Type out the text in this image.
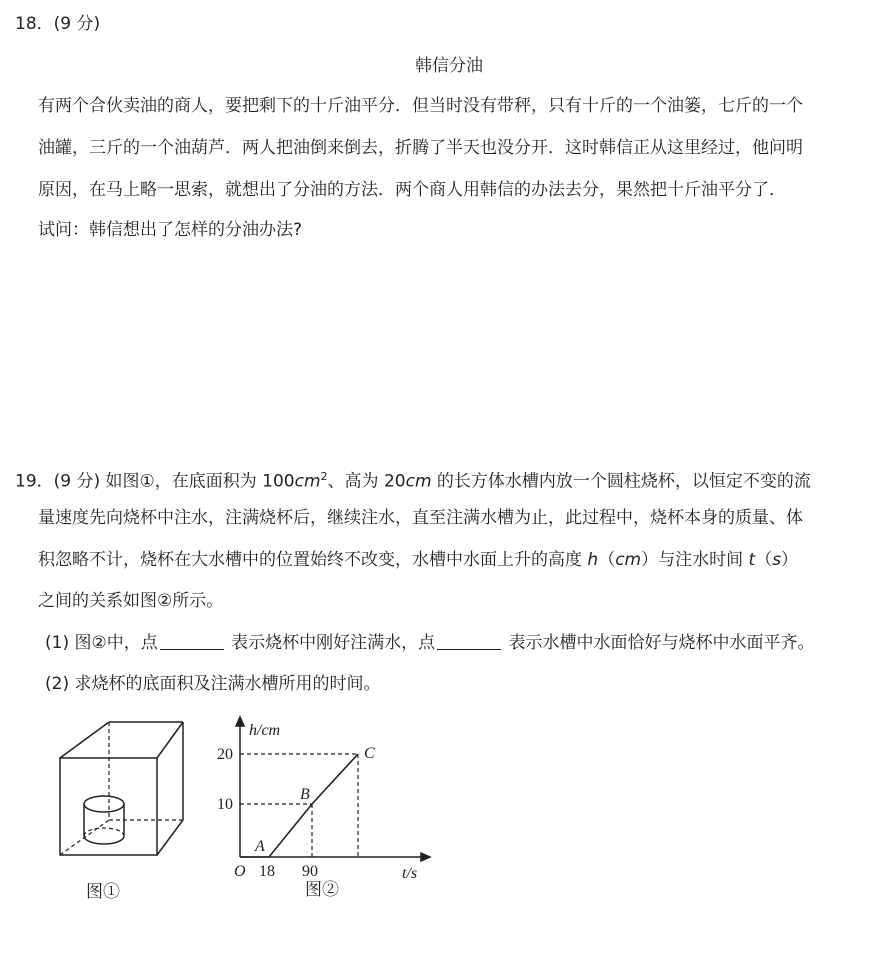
18．(9 分)
韩信分油
有两个合伙卖油的商人，要把剩下的十斤油平分．但当时没有带秤，只有十斤的一个油篓，七斤的一个
油罐，三斤的一个油葫芦．两人把油倒来倒去，折腾了半天也没分开．这时韩信正从这里经过，他问明
原因，在马上略一思索，就想出了分油的方法．两个商人用韩信的办法去分，果然把十斤油平分了．
试问：韩信想出了怎样的分油办法?
19．(9 分) 如图①，在底面积为 $100cm^2$、高为 20cm 的长方体水槽内放一个圆柱烧杯，以恒定不变的流
量速度先向烧杯中注水，注满烧杯后，继续注水，直至注满水槽为止，此过程中，烧杯本身的质量、体
积忽略不计，烧杯在大水槽中的位置始终不改变，水槽中水面上升的高度 h（cm）与注水时间 t（s）
之间的关系如图②所示。
(1) 图②中，点	表示烧杯中刚好注满水，点	表示水槽中水面恰好与烧杯中水面平齐。
(2) 求烧杯的底面积及注满水槽所用的时间。
图①
18 90
10
20
A
B
C
h/cm
t/s
O
图②
